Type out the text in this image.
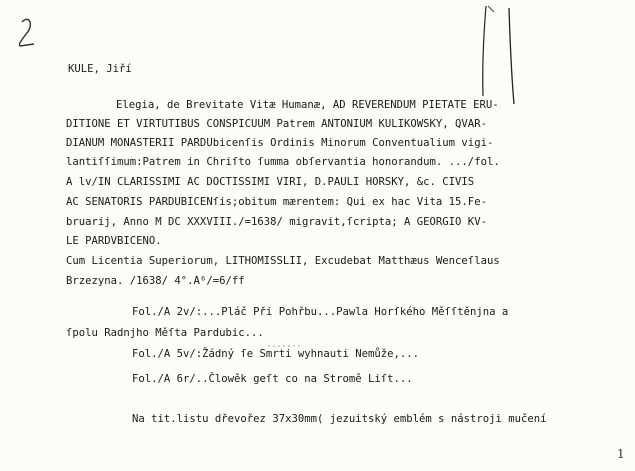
1
KULE, Jiří
Elegia, de Brevitate Vitæ Humanæ, AD REVERENDUM PIETATE ERU-
DITIONE ET VIRTUTIBUS CONSPICUUM Patrem ANTONIUM KULIKOWSKY, QVAR-
DIANUM MONASTERII PARDUbicenſis Ordinis Minorum Conventualium vigi-
lantiſſimum:Patrem in Chriſto ſumma obſervantia honorandum. .../fol.
A lv/IN CLARISSIMI AC DOCTISSIMI VIRI, D.PAULI HORSKY, &c. CIVIS
AC SENATORIS PARDUBICENſis;obitum mærentem: Qui ex hac Vita 15.Fe-
bruarij, Anno M DC XXXVIII./=1638/ migravit,ſcripta; A GEORGIO KV-
LE PARDVBICENO.
Cum Licentia Superiorum, LITHOMISSLII, Excudebat Matthæus Wenceſlaus
Brzezyna. /1638/ 4°.A⁶/=6/ff
Fol./A 2v/:...Pláč Při Pohřbu...Pawla Horſkého Měſſtěnjna a
ſpolu Radnjho Měſta Pardubic...
Fol./A 5v/:Žádný ſe Smrti wyhnauti Nemůže,...
Fol./A 6r/..Člowěk geſt co na Stromě Liſt...
Na tit.listu dřevořez 37x30mm( jezuitský emblém s nástroji mučení
